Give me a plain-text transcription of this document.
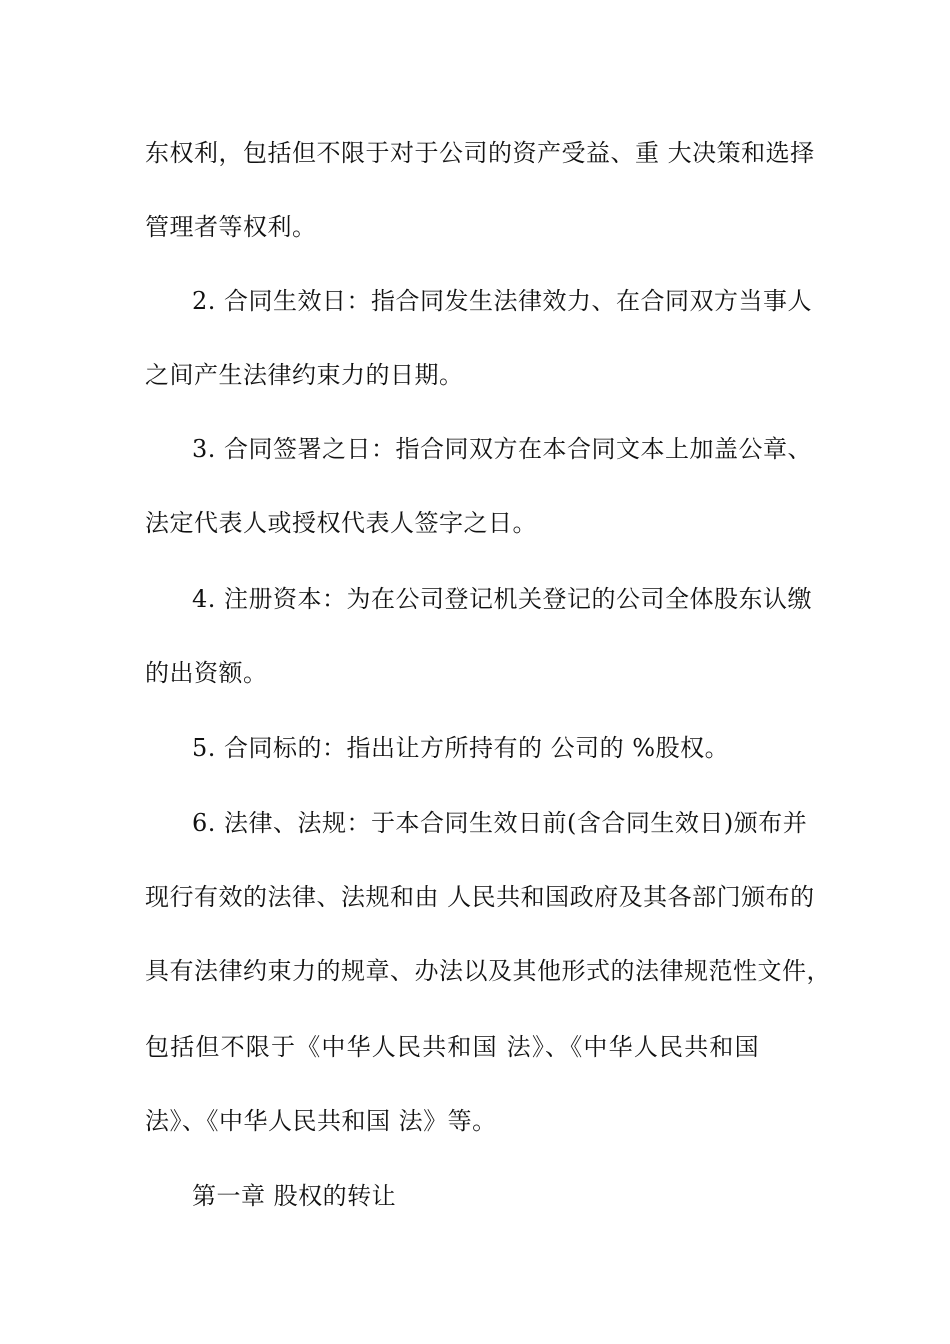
东权利，包括但不限于对于公司的资产受益、重 大决策和选择
管理者等权利。
2. 合同生效日：指合同发生法律效力、在合同双方当事人
之间产生法律约束力的日期。
3. 合同签署之日：指合同双方在本合同文本上加盖公章、
法定代表人或授权代表人签字之日。
4. 注册资本：为在公司登记机关登记的公司全体股东认缴
的出资额。
5. 合同标的：指出让方所持有的 公司的 %股权。
6. 法律、法规：于本合同生效日前(含合同生效日)颁布并
现行有效的法律、法规和由 人民共和国政府及其各部门颁布的
具有法律约束力的规章、办法以及其他形式的法律规范性文件，
包括但不限于《中华人民共和国 法》、《中华人民共和国
法》、《中华人民共和国 法》等。
第一章 股权的转让
